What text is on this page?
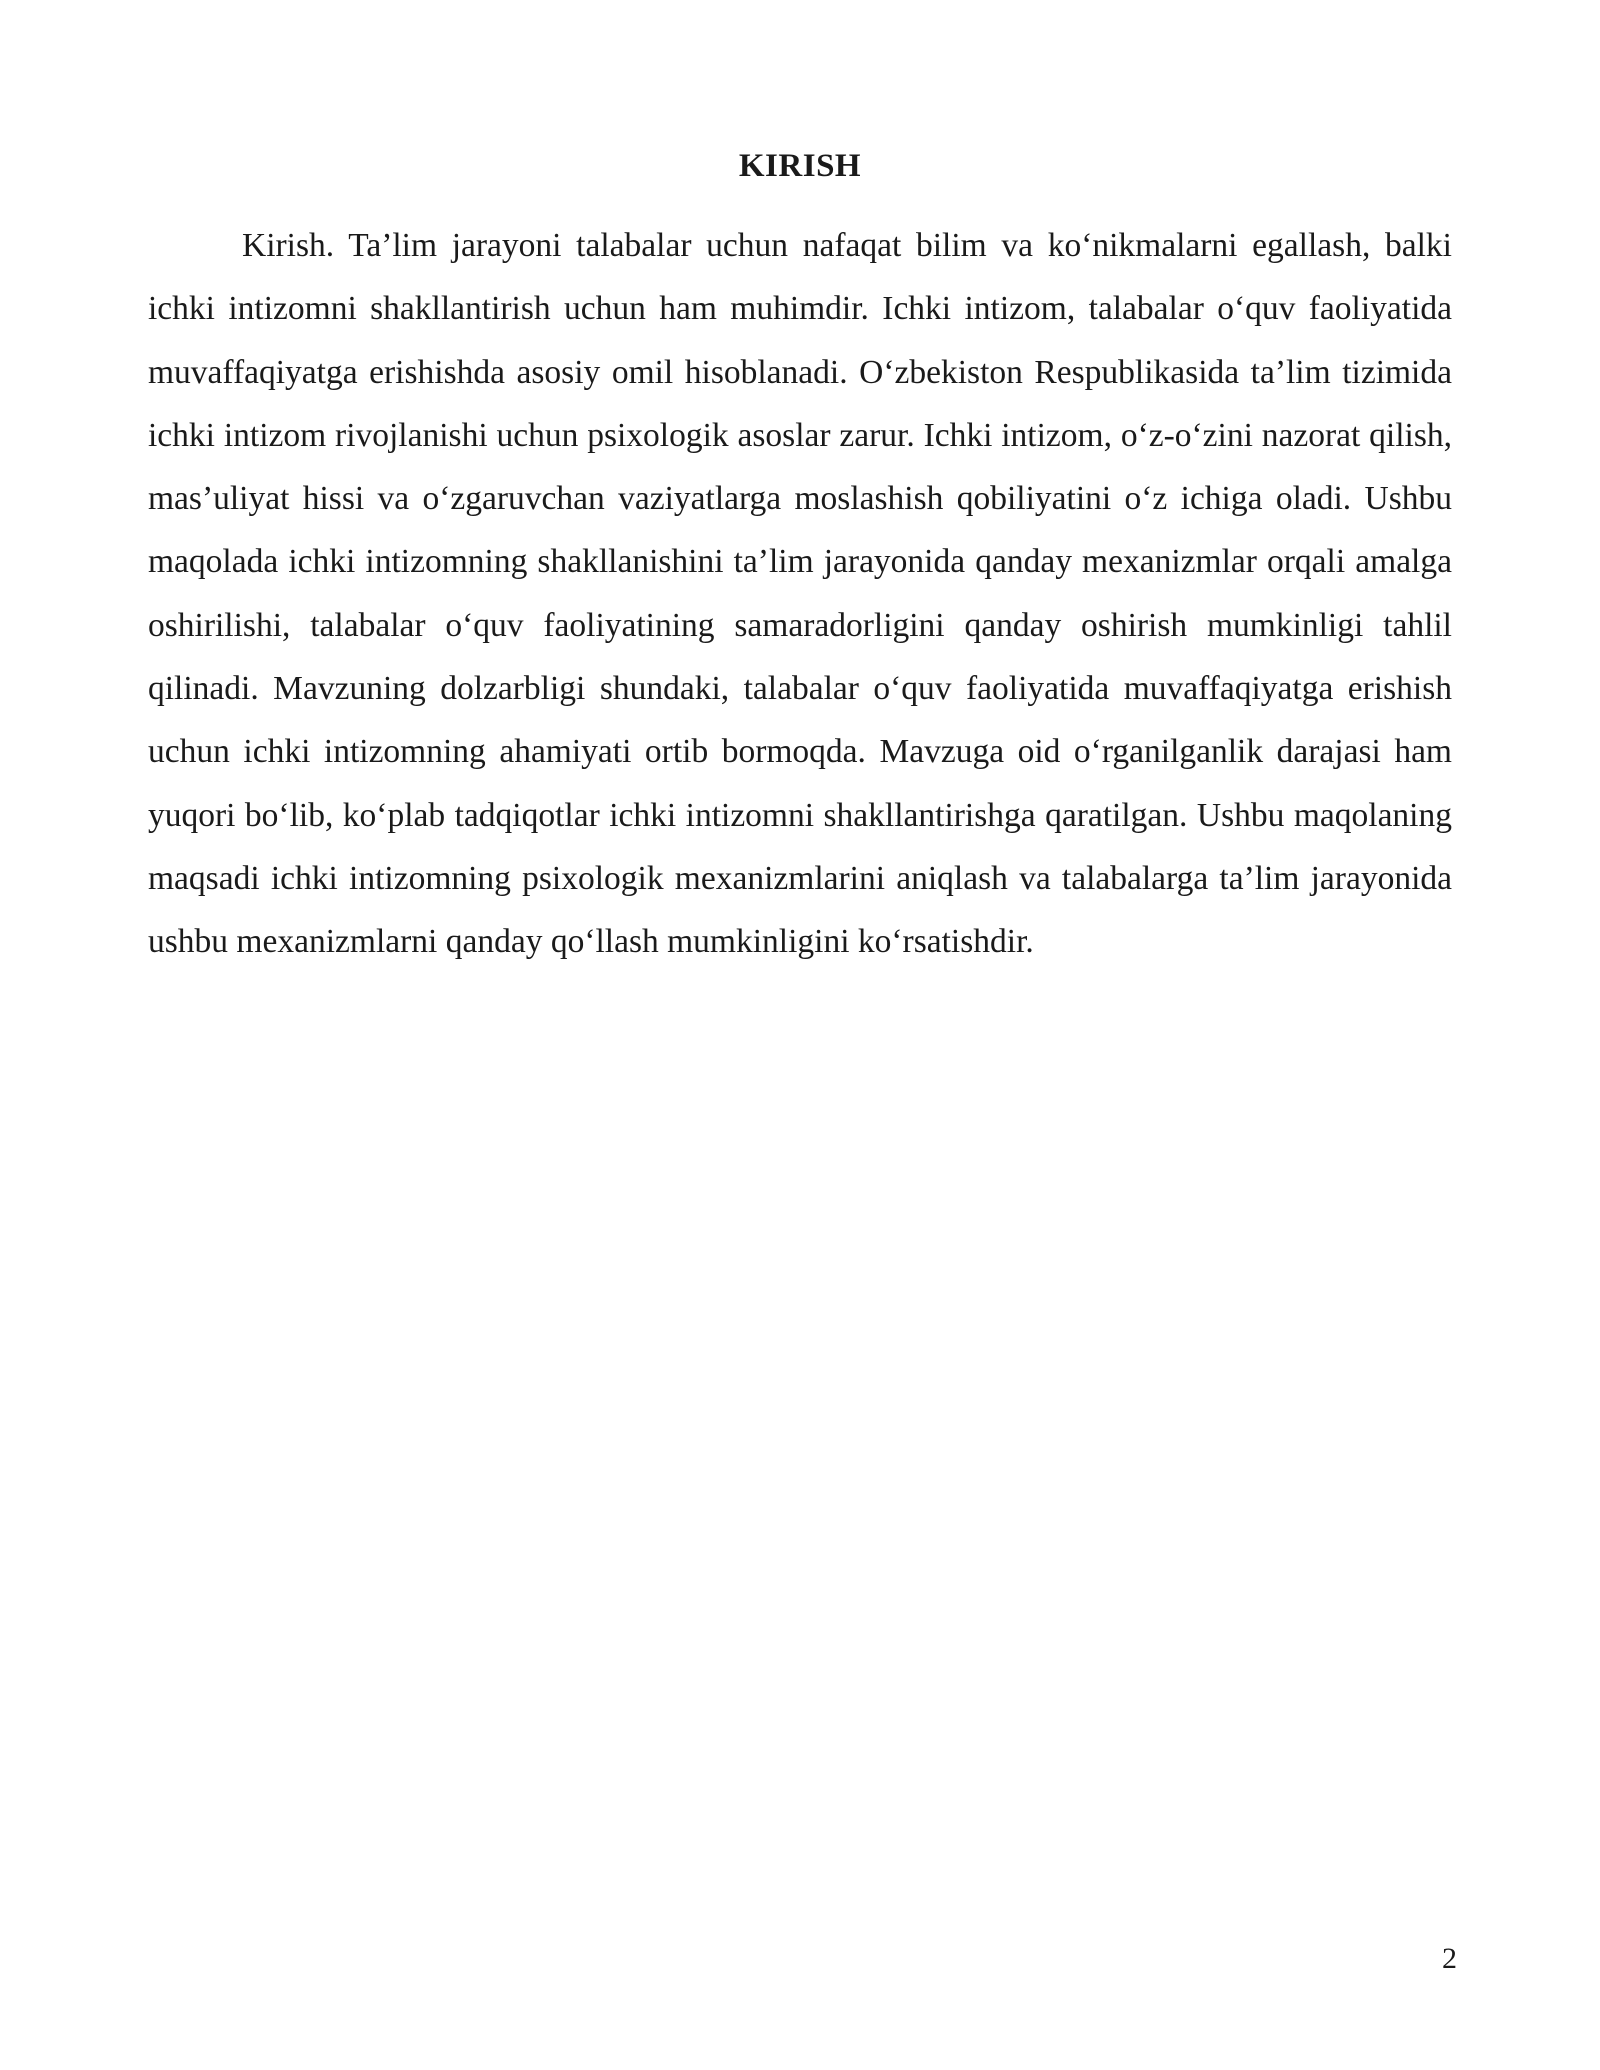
KIRISH

Kirish. Ta’lim jarayoni talabalar uchun nafaqat bilim va ko‘nikmalarni egallash, balki ichki intizomni shakllantirish uchun ham muhimdir. Ichki intizom, talabalar o‘quv faoliyatida muvaffaqiyatga erishishda asosiy omil hisoblanadi. O‘zbekiston Respublikasida ta’lim tizimida ichki intizom rivojlanishi uchun psixologik asoslar zarur. Ichki intizom, o‘z-o‘zini nazorat qilish, mas’uliyat hissi va o‘zgaruvchan vaziyatlarga moslashish qobiliyatini o‘z ichiga oladi. Ushbu maqolada ichki intizomning shakllanishini ta’lim jarayonida qanday mexanizmlar orqali amalga oshirilishi, talabalar o‘quv faoliyatining samaradorligini qanday oshirish mumkinligi tahlil qilinadi. Mavzuning dolzarbligi shundaki, talabalar o‘quv faoliyatida muvaffaqiyatga erishish uchun ichki intizomning ahamiyati ortib bormoqda. Mavzuga oid o‘rganilganlik darajasi ham yuqori bo‘lib, ko‘plab tadqiqotlar ichki intizomni shakllantirishga qaratilgan. Ushbu maqolaning maqsadi ichki intizomning psixologik mexanizmlarini aniqlash va talabalarga ta’lim jarayonida ushbu mexanizmlarni qanday qo‘llash mumkinligini ko‘rsatishdir.

2
